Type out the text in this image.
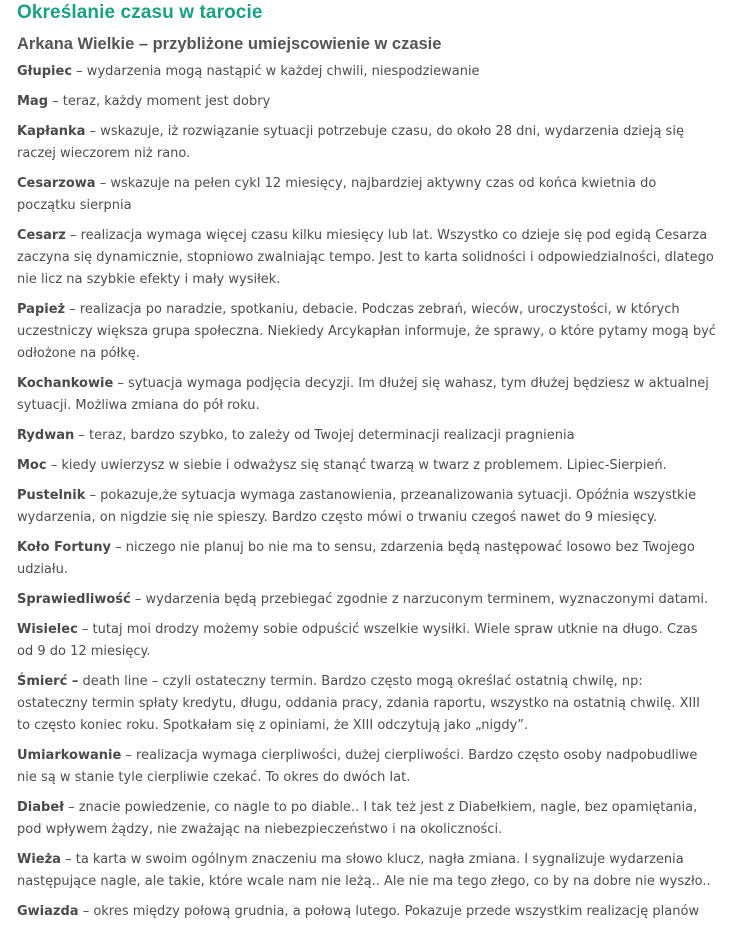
Określanie czasu w tarocie
Arkana Wielkie – przybliżone umiejscowienie w czasie

Głupiec – wydarzenia mogą nastąpić w każdej chwili, niespodziewanie

Mag – teraz, każdy moment jest dobry

Kapłanka – wskazuje, iż rozwiązanie sytuacji potrzebuje czasu, do około 28 dni, wydarzenia dzieją się raczej wieczorem niż rano.

Cesarzowa – wskazuje na pełen cykl 12 miesięcy, najbardziej aktywny czas od końca kwietnia do początku sierpnia

Cesarz – realizacja wymaga więcej czasu kilku miesięcy lub lat. Wszystko co dzieje się pod egidą Cesarza zaczyna się dynamicznie, stopniowo zwalniając tempo. Jest to karta solidności i odpowiedzialności, dlatego nie licz na szybkie efekty i mały wysiłek.

Papież – realizacja po naradzie, spotkaniu, debacie. Podczas zebrań, wieców, uroczystości, w których uczestniczy większa grupa społeczna. Niekiedy Arcykapłan informuje, że sprawy, o które pytamy mogą być odłożone na półkę.

Kochankowie – sytuacja wymaga podjęcia decyzji. Im dłużej się wahasz, tym dłużej będziesz w aktualnej sytuacji. Możliwa zmiana do pół roku.

Rydwan – teraz, bardzo szybko, to zależy od Twojej determinacji realizacji pragnienia

Moc – kiedy uwierzysz w siebie i odważysz się stanąć twarzą w twarz z problemem. Lipiec-Sierpień.

Pustelnik – pokazuje,że sytuacja wymaga zastanowienia, przeanalizowania sytuacji. Opóźnia wszystkie wydarzenia, on nigdzie się nie spieszy. Bardzo często mówi o trwaniu czegoś nawet do 9 miesięcy.

Koło Fortuny – niczego nie planuj bo nie ma to sensu, zdarzenia będą następować losowo bez Twojego udziału.

Sprawiedliwość – wydarzenia będą przebiegać zgodnie z narzuconym terminem, wyznaczonymi datami.

Wisielec – tutaj moi drodzy możemy sobie odpuścić wszelkie wysiłki. Wiele spraw utknie na długo. Czas od 9 do 12 miesięcy.

Śmierć – death line – czyli ostateczny termin. Bardzo często mogą określać ostatnią chwilę, np: ostateczny termin spłaty kredytu, długu, oddania pracy, zdania raportu, wszystko na ostatnią chwilę. XIII to często koniec roku. Spotkałam się z opiniami, że XIII odczytują jako „nigdy”.

Umiarkowanie – realizacja wymaga cierpliwości, dużej cierpliwości. Bardzo często osoby nadpobudliwe nie są w stanie tyle cierpliwie czekać. To okres do dwóch lat.

Diabeł – znacie powiedzenie, co nagle to po diable.. I tak też jest z Diabełkiem, nagle, bez opamiętania, pod wpływem żądzy, nie zważając na niebezpieczeństwo i na okoliczności.

Wieża – ta karta w swoim ogólnym znaczeniu ma słowo klucz, nagła zmiana. I sygnalizuje wydarzenia następujące nagle, ale takie, które wcale nam nie leżą.. Ale nie ma tego złego, co by na dobre nie wyszło..

Gwiazda – okres między połową grudnia, a połową lutego. Pokazuje przede wszystkim realizację planów
